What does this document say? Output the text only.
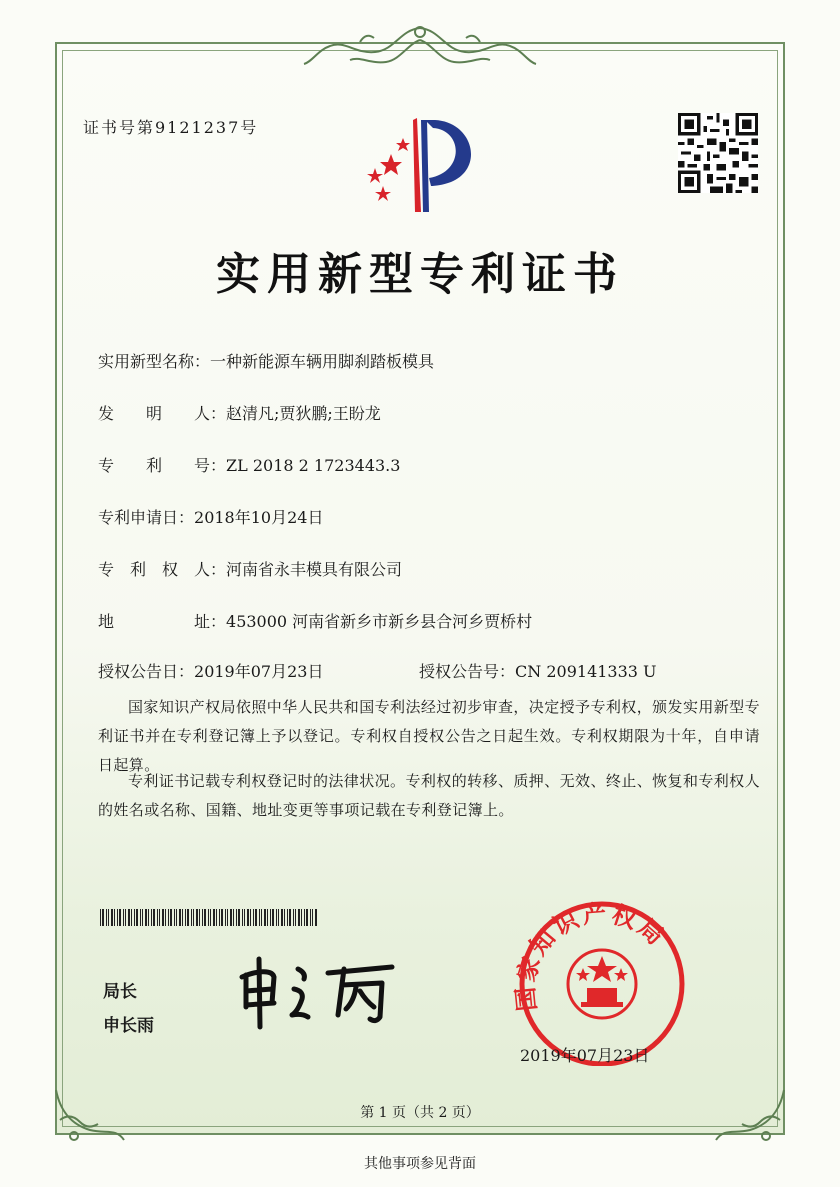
证书号第9121237号
实用新型专利证书
实用新型名称：一种新能源车辆用脚刹踏板模具
发　　明　　人：赵清凡;贾狄鹏;王盼龙
专　　利　　号：ZL 2018 2 1723443.3
专利申请日：2018年10月24日
专　利　权　人：河南省永丰模具有限公司
地　　　　　址：453000 河南省新乡市新乡县合河乡贾桥村
授权公告日：2019年07月23日	授权公告号：CN 209141333 U

国家知识产权局依照中华人民共和国专利法经过初步审查，决定授予专利权，颁发实用新型专利证书并在专利登记簿上予以登记。专利权自授权公告之日起生效。专利权期限为十年，自申请日起算。

专利证书记载专利权登记时的法律状况。专利权的转移、质押、无效、终止、恢复和专利权人的姓名或名称、国籍、地址变更等事项记载在专利登记簿上。

局长
申长雨
国家知识产权局
2019年07月23日
第 1 页（共 2 页）
其他事项参见背面
